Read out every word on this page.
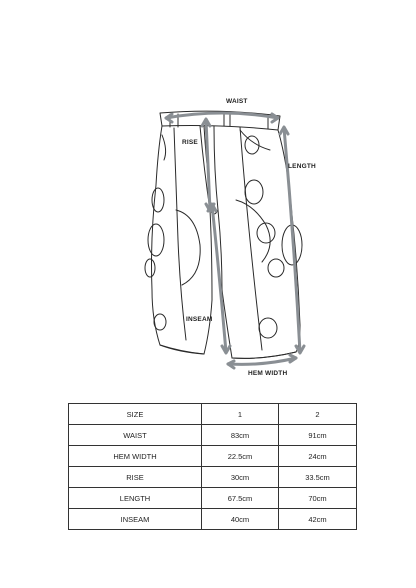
WAIST
RISE
LENGTH
INSEAM
HEM WIDTH
SIZE	1	2
WAIST	83cm	91cm
HEM WIDTH	22.5cm	24cm
RISE	30cm	33.5cm
LENGTH	67.5cm	70cm
INSEAM	40cm	42cm
